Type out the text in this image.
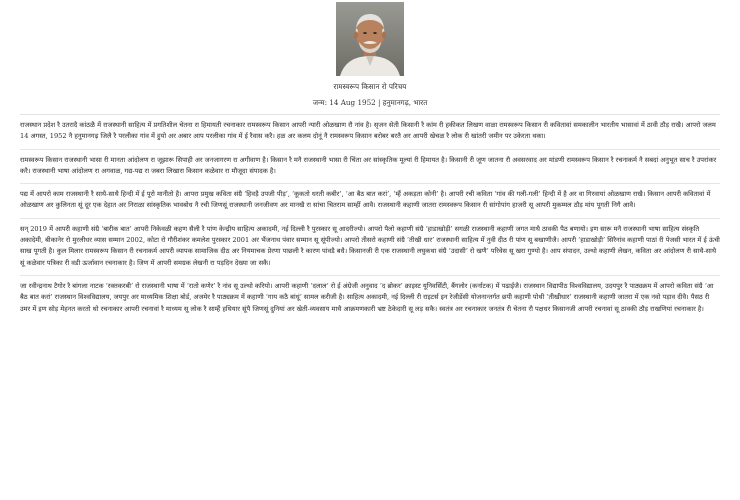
रामस्वरूप किसान रो परिचय
जन्म: 14 Aug 1952 | हनुमानगढ़, भारत

राजस्थान प्रदेश रै उतरादै कांठळै में राजस्थानी साहित्य में प्रगतिशील चेतना रा हिमायती रचनाकार रामस्वरूप किसान आपरी न्यारी ओळखाण रौ नांव है। सृजन सेती किसानी रै कांम री हकीकत लिखण वाळा रामस्वरूप किसान री कवितावां समकालीन भारतीय भासावां में ठावी ठौड़ राखै। आपरो जलम 14 अगस्त, 1952 नै हनुमानगढ़ जिलै रै परलीका गांव में हुयो अर अबार आप परलीका गांव में ई रैवास करै। हळ अर कलम दोनूं नै रामस्वरूप किसान बरोबर बरतै अर आपरी खेचळ रै लोक री खांतरी जमीन पर उकेरता थका।

रामस्वरूप किसान राजस्थानी भासा री मानता आंदोलण रा जूझारू सिपाही अर जनजागरण रा अगीवाण है। किसान रै मनै राजस्थानी भासा री चिंता अर सांस्कृतिक मूल्यां री हिमायत है। किसानी री जूण जातना रौ अवसरवाद अर मांडणी रामस्वरूप किसान रै रचनाकर्म नै सबदां अनुभूत साच रै उपरांकर करै। राजस्थानी भाषा आंदोलण रा अगवाळ, गद्य-पद्य रा जबरा लिखारा किसान कळेवार रा मौजूदा संपादक है।

पद्य में आपरो काम राजस्थानी रै साथै-साथै हिन्दी में ई पूरो मानीतो है। आपरा प्रमुख कविता संग्रै ‘हिवड़ै उपजी पीड़’, ‘कूकतो धरती कबीर’, ‘आ बैठ बात करां’, ‘म्हैं अकड़ता कोनी’ है। आपरी रची कविता ‘गांव की गली-गली’ हिन्दी में है अर वा गिरवायां ओळखाण राखै। किसान आपरी कवितावां में ओळखाण अर कुलिनता सूं दूर एक देहात अर निराळा सांस्कृतिक भावबोध नै रची जिणसूं राजस्थानी जनजीवण अर मानखै रा सांचा चितराम साम्हीं आवै। राजस्थानी कहाणी जातरा रामस्वरूप किसान री सांगोपांग हाजरी सू आपरी मुकम्मल ठौड़ मांय पूगती निगै आवै।

सन् 2019 में आपरी कहाणी संग्रै ‘बारीक बात’ आपरी निकेवळी कहण सैली रै पांण केन्द्रीय साहित्य अकादमी, नई दिल्ली रै पुरस्कार सू आदरीज्यो। आपरो पैलो कहाणी संग्रै ‘हाडाखोड़ी’ सगळी राजस्थानी कहाणी जगत माथै ठावकी पैठ बणायो। इण सारू मनै राजस्थानी भाषा साहित्य संस्कृति अकादेमी, बीकानेर रो मुरलीधर व्यास सम्मान 2002, कोटा रो गौरीशंकर कमलेश पुरस्कार 2001 अर भैंजनाथ पंवार सम्मान सू सूंपीज्यो। आपरो तीसरो कहाणी संग्रै ‘तीखी धार’ राजस्थानी साहित्य में नुवी दीठ री पांण सू बखाणीजै। आपरी ‘हाडाखोड़ी’ सिरैनांव कहाणी पाठां री पेजसी भारत में ई ऊंची साख पूगती है। कुल मिलार रामस्वरूप किसान री रचनाकर्म आपरी व्यापक सामाजिक दीठ अर नियमाचक प्रेरणा पाछली रै कारण पांवडै बधै। किसानजी री एक राजस्थानी लघुकथा संग्रै ‘उदासी’ रो खणै‘ परिवेस सू खरा गुण्यो है। आप संपादन, उल्थो कहाणी लेखन, कविता अर आंदोलण री साथै-साथै सूं कळेवार पत्रिका री वडी ऊर्जावान रचनाकार है। जिण में आपरी समग्रक लेखनी रा पड़दिन देख्या जा सकै।

जा रवीन्द्रनाथ टैगोर रै बांगला नाटक ‘रक्तकरबी’ रो राजस्थानी भाषा में ‘रातो कणेर’ रै नांव सू उल्थो करियो। आपरी कहाणी ‘दलाल’ रो ई अंग्रेजी अनुवाद ‘द ब्रोकर’ क्राइस्ट यूनिवर्सिटी, बैंगलोर (कर्नाटक) में पढाईजै। राजस्थान विद्यापीठ विश्वविद्यालय, उदयपुर रै पाठ्यक्रम में आपरो कविता संग्रै ‘आ बैठ बात करां’ राजस्थान विश्वविद्यालय, जयपुर अर माध्यमिक शिक्षा बोर्ड, अजमेर रै पाठ्यक्रम में कहाणी ‘गाय कठै बांधूं’ सामल करीजी है। साहित्य अकादमी, नई दिल्ली री राइटर्स इन रेजीडेंसी योजनान्तर्गत छपी कहाणी पोथी ‘तीखीधार’ राजस्थानी कहाणी जातरा में एक नवो पड़ाव दीवै। पैसठ री उमर में इण सोड़ मेहनत करतो थो रचनाकार आपरी रचनावां रै माध्यम सू लोक रै साम्हैं हथियार सूंपै जिणसूं दुनियां अर खेती-व्यवसाय माथै आक्रमणकारी भ्रष्ट ठेकेदारी सू लड़ सकै। स्वतंत्र अर रचनाकार जनतंत्र री चेतना रौ पक्षधर किसानजी आपरी रचनावां सू ठावकी ठौड़ राखणियां रचनाकार है।
